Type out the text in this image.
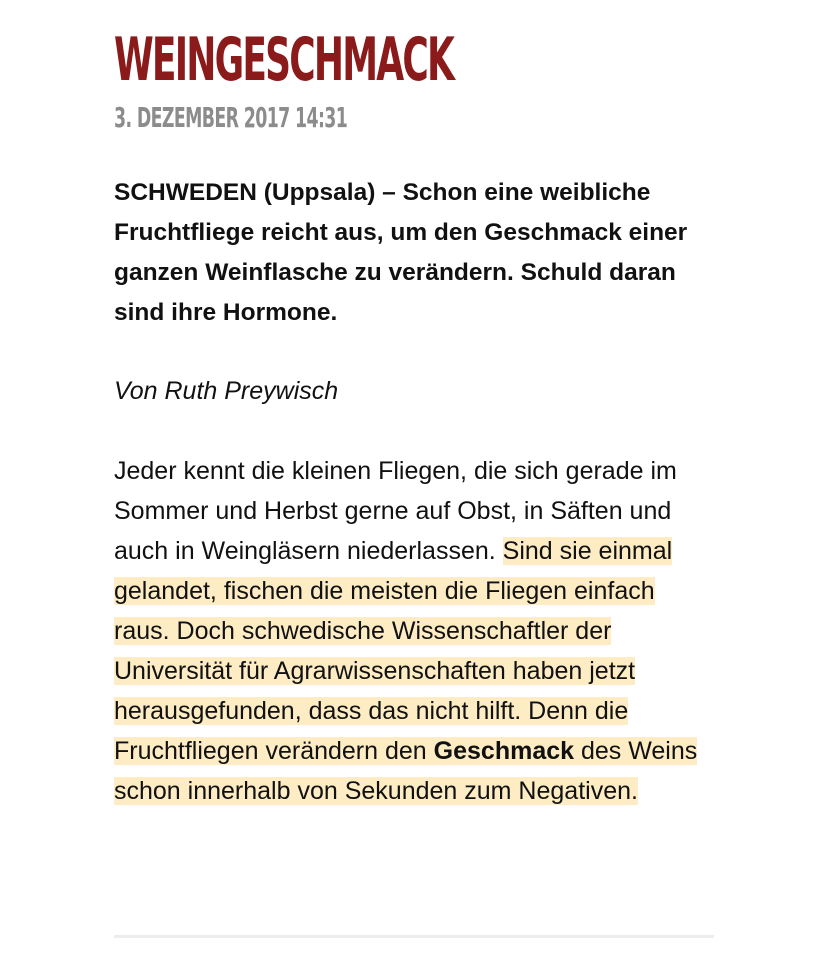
WEINGESCHMACK
3. DEZEMBER 2017 14:31

SCHWEDEN (Uppsala) – Schon eine weibliche Fruchtfliege reicht aus, um den Geschmack einer ganzen Weinflasche zu verändern. Schuld daran sind ihre Hormone.

Von Ruth Preywisch

Jeder kennt die kleinen Fliegen, die sich gerade im Sommer und Herbst gerne auf Obst, in Säften und auch in Weingläsern niederlassen. Sind sie einmal gelandet, fischen die meisten die Fliegen einfach raus. Doch schwedische Wissenschaftler der Universität für Agrarwissenschaften haben jetzt herausgefunden, dass das nicht hilft. Denn die Fruchtfliegen verändern den Geschmack des Weins schon innerhalb von Sekunden zum Negativen.
